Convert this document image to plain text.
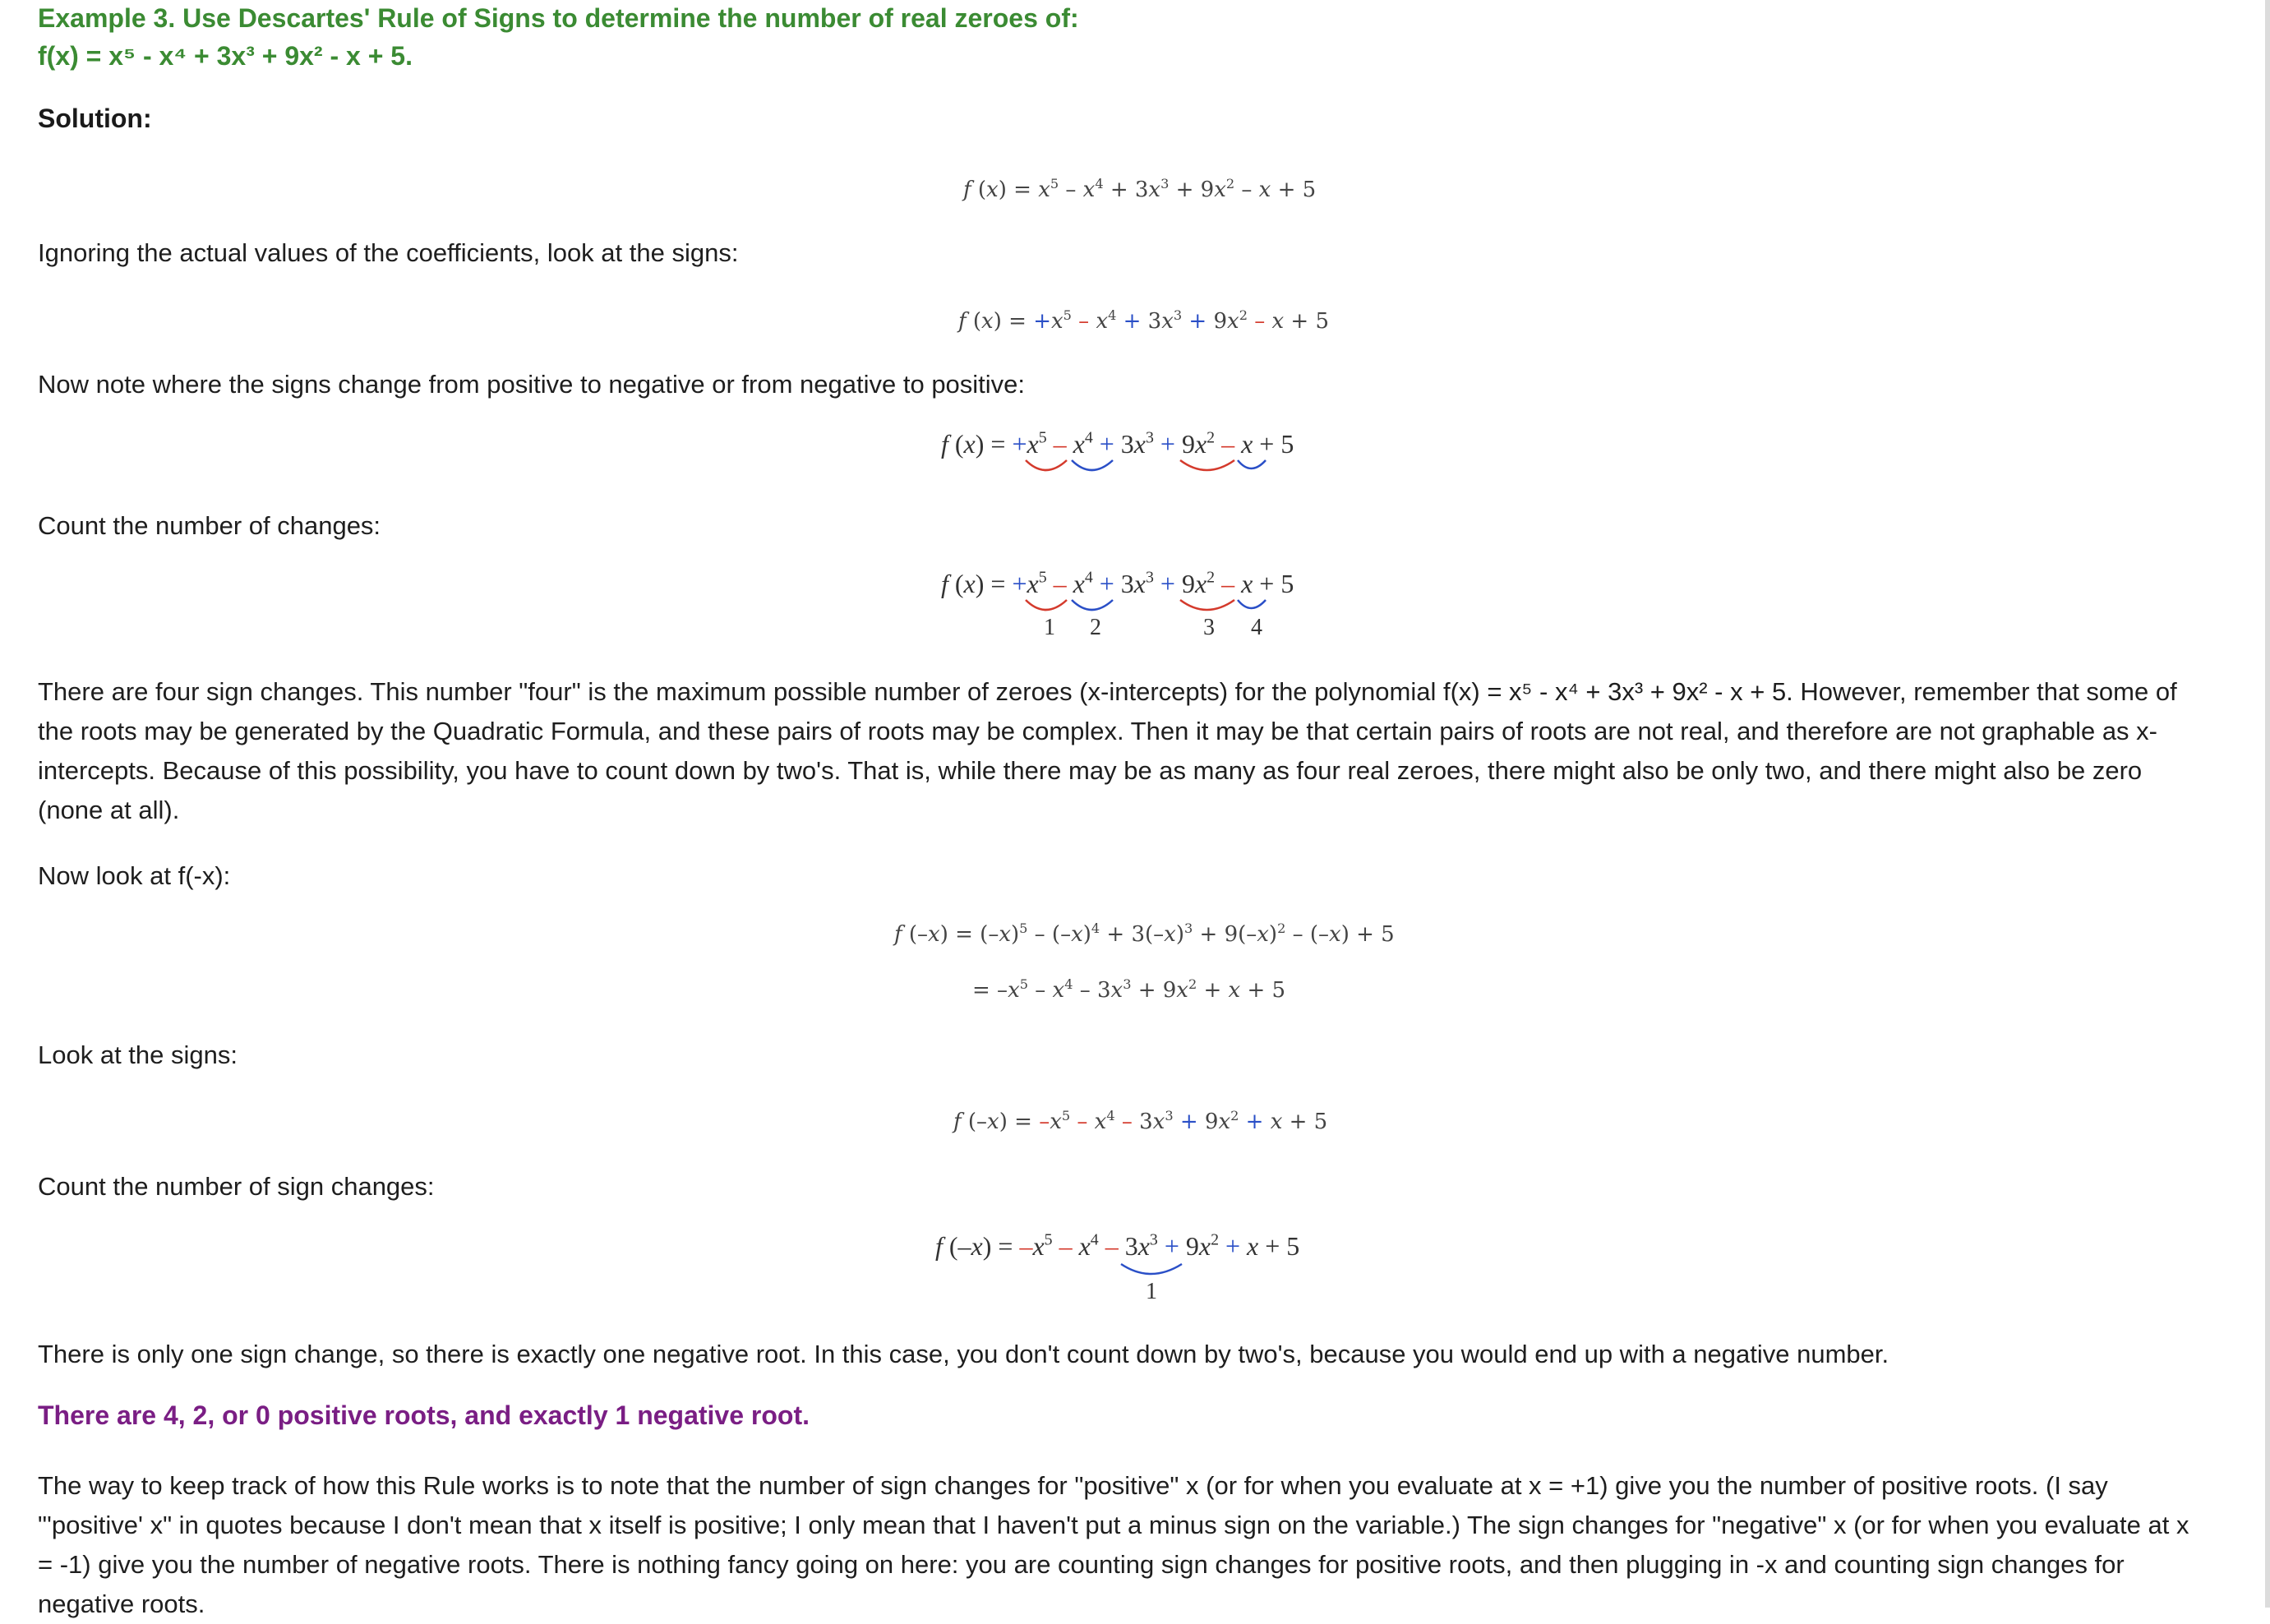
Example 3. Use Descartes' Rule of Signs to determine the number of real zeroes of:
f(x) = x⁵ - x⁴ + 3x³ + 9x² - x + 5.
Solution:
f $(x) = x^5 - x^4 + 3x^3 + 9x^2 - x + 5$
Ignoring the actual values of the coefficients, look at the signs:
f $(x) = +x^5 - x^4 + 3x^3 + 9x^2 - x + 5$
Now note where the signs change from positive to negative or from negative to positive:
f $(x) = +x^5 - x^4 + 3x^3 + 9x^2 - x + 5$
Count the number of changes:
f $(x) = +x^5 - x^4 + 3x^3 + 9x^2 - x + 5$
1 2	3 4
There are four sign changes. This number "four" is the maximum possible number of zeroes (x-intercepts) for the polynomial f(x) = x⁵ - x⁴ + 3x³ + 9x² - x + 5. However, remember that some of the roots may be generated by the Quadratic Formula, and these pairs of roots may be complex. Then it may be that certain pairs of roots are not real, and therefore are not graphable as x-intercepts. Because of this possibility, you have to count down by two's. That is, while there may be as many as four real zeroes, there might also be only two, and there might also be zero (none at all).
Now look at f(-x):
f $(-x) = (-x)^5 - (-x)^4 + 3(-x)^3 + 9(-x)^2 - (-x) + 5$
= $-x^5 - x^4 - 3x^3 + 9x^2 + x + 5$
Look at the signs:
f $(-x) = -x^5 - x^4 - 3x^3 + 9x^2 + x + 5$
Count the number of sign changes:
f $(-x) = -x^5 - x^4 - 3x^3 + 9x^2 + x + 5$
1
There is only one sign change, so there is exactly one negative root. In this case, you don't count down by two's, because you would end up with a negative number.
There are 4, 2, or 0 positive roots, and exactly 1 negative root.
The way to keep track of how this Rule works is to note that the number of sign changes for "positive" x (or for when you evaluate at x = +1) give you the number of positive roots. (I say "'positive' x" in quotes because I don't mean that x itself is positive; I only mean that I haven't put a minus sign on the variable.) The sign changes for "negative" x (or for when you evaluate at x = -1) give you the number of negative roots. There is nothing fancy going on here: you are counting sign changes for positive roots, and then plugging in -x and counting sign changes for negative roots.
